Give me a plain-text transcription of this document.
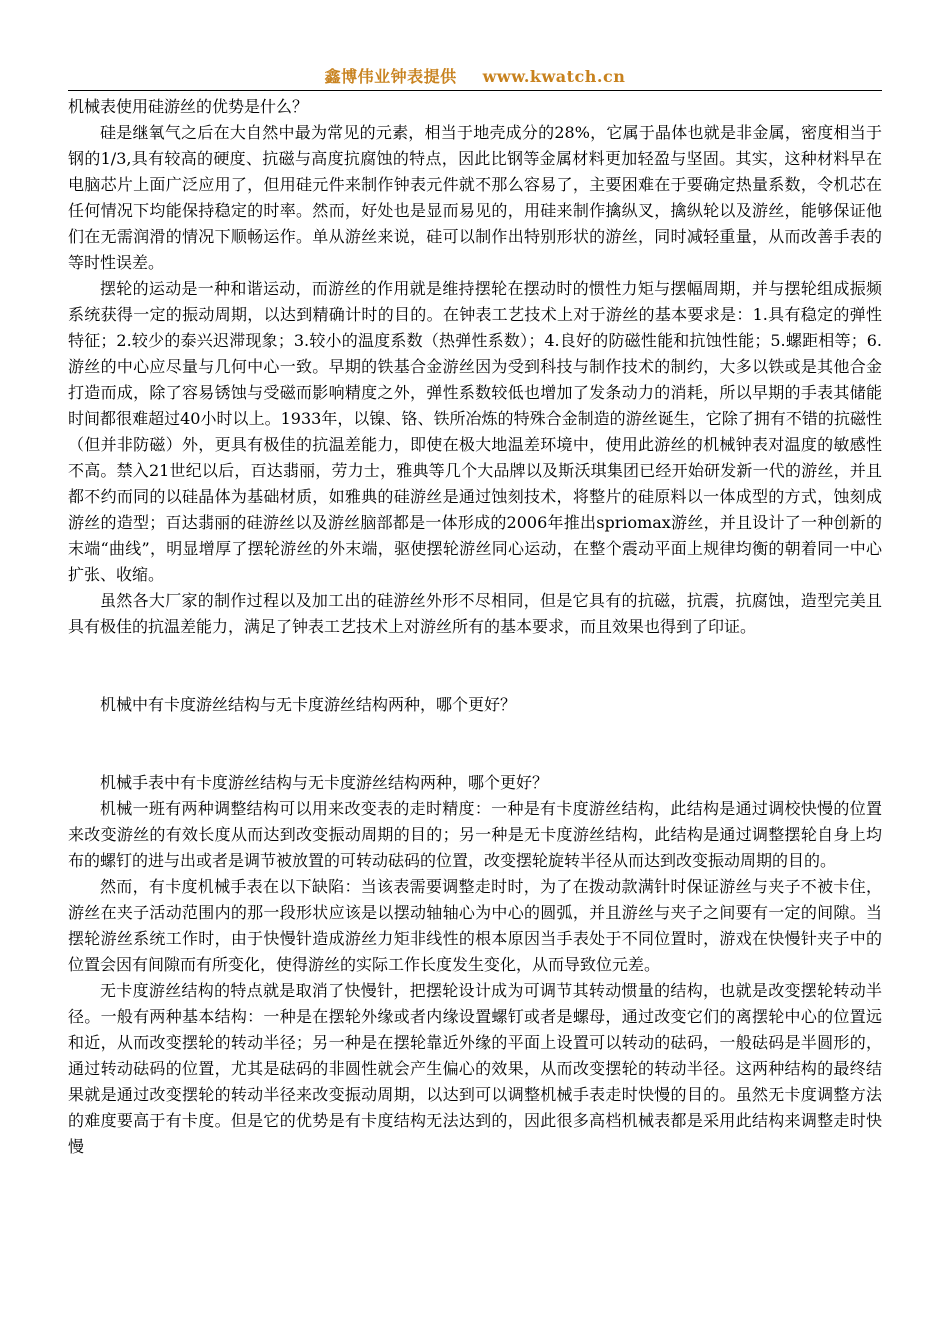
鑫博伟业钟表提供 www.kwatch.cn

机械表使用硅游丝的优势是什么？

硅是继氧气之后在大自然中最为常见的元素，相当于地壳成分的28%，它属于晶体也就是非金属，密度相当于钢的1/3,具有较高的硬度、抗磁与高度抗腐蚀的特点，因此比钢等金属材料更加轻盈与坚固。其实，这种材料早在电脑芯片上面广泛应用了，但用硅元件来制作钟表元件就不那么容易了，主要困难在于要确定热量系数，令机芯在任何情况下均能保持稳定的时率。然而，好处也是显而易见的，用硅来制作擒纵叉，擒纵轮以及游丝，能够保证他们在无需润滑的情况下顺畅运作。单从游丝来说，硅可以制作出特别形状的游丝，同时减轻重量，从而改善手表的等时性误差。

摆轮的运动是一种和谐运动，而游丝的作用就是维持摆轮在摆动时的惯性力矩与摆幅周期，并与摆轮组成振频系统获得一定的振动周期，以达到精确计时的目的。在钟表工艺技术上对于游丝的基本要求是：1.具有稳定的弹性特征；2.较少的泰兴迟滞现象；3.较小的温度系数（热弹性系数）；4.良好的防磁性能和抗蚀性能；5.螺距相等；6.游丝的中心应尽量与几何中心一致。早期的铁基合金游丝因为受到科技与制作技术的制约，大多以铁或是其他合金打造而成，除了容易锈蚀与受磁而影响精度之外，弹性系数较低也增加了发条动力的消耗，所以早期的手表其储能时间都很难超过40小时以上。1933年，以镍、铬、铁所冶炼的特殊合金制造的游丝诞生，它除了拥有不错的抗磁性（但并非防磁）外，更具有极佳的抗温差能力，即使在极大地温差环境中，使用此游丝的机械钟表对温度的敏感性不高。禁入21世纪以后，百达翡丽，劳力士，雅典等几个大品牌以及斯沃琪集团已经开始研发新一代的游丝，并且都不约而同的以硅晶体为基础材质，如雅典的硅游丝是通过蚀刻技术，将整片的硅原料以一体成型的方式，蚀刻成游丝的造型；百达翡丽的硅游丝以及游丝脑部都是一体形成的2006年推出spriomax游丝，并且设计了一种创新的末端“曲线”，明显增厚了摆轮游丝的外末端，驱使摆轮游丝同心运动，在整个震动平面上规律均衡的朝着同一中心扩张、收缩。

虽然各大厂家的制作过程以及加工出的硅游丝外形不尽相同，但是它具有的抗磁，抗震，抗腐蚀，造型完美且具有极佳的抗温差能力，满足了钟表工艺技术上对游丝所有的基本要求，而且效果也得到了印证。

机械中有卡度游丝结构与无卡度游丝结构两种，哪个更好？

机械手表中有卡度游丝结构与无卡度游丝结构两种，哪个更好？

机械一班有两种调整结构可以用来改变表的走时精度：一种是有卡度游丝结构，此结构是通过调校快慢的位置来改变游丝的有效长度从而达到改变振动周期的目的；另一种是无卡度游丝结构，此结构是通过调整摆轮自身上均布的螺钉的进与出或者是调节被放置的可转动砝码的位置，改变摆轮旋转半径从而达到改变振动周期的目的。

然而，有卡度机械手表在以下缺陷：当该表需要调整走时时，为了在拨动款满针时保证游丝与夹子不被卡住，游丝在夹子活动范围内的那一段形状应该是以摆动轴轴心为中心的圆弧，并且游丝与夹子之间要有一定的间隙。当摆轮游丝系统工作时，由于快慢针造成游丝力矩非线性的根本原因当手表处于不同位置时，游戏在快慢针夹子中的位置会因有间隙而有所变化，使得游丝的实际工作长度发生变化，从而导致位元差。

无卡度游丝结构的特点就是取消了快慢针，把摆轮设计成为可调节其转动惯量的结构，也就是改变摆轮转动半径。一般有两种基本结构：一种是在摆轮外缘或者内缘设置螺钉或者是螺母，通过改变它们的离摆轮中心的位置远和近，从而改变摆轮的转动半径；另一种是在摆轮靠近外缘的平面上设置可以转动的砝码，一般砝码是半圆形的，通过转动砝码的位置，尤其是砝码的非圆性就会产生偏心的效果，从而改变摆轮的转动半径。这两种结构的最终结果就是通过改变摆轮的转动半径来改变振动周期，以达到可以调整机械手表走时快慢的目的。虽然无卡度调整方法的难度要高于有卡度。但是它的优势是有卡度结构无法达到的，因此很多高档机械表都是采用此结构来调整走时快慢
